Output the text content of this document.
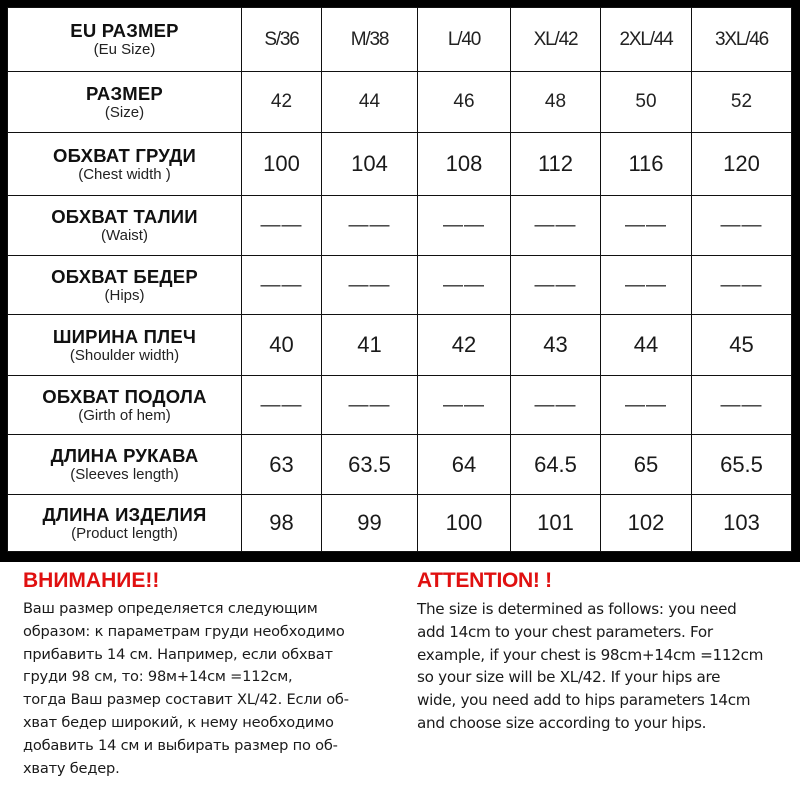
EU РАЗМЕР
(Eu Size)	S/36	M/38	L/40	XL/42	2XL/44	3XL/46

РАЗМЕР
(Size)	42	44	46	48	50	52

ОБХВАТ ГРУДИ
(Chest width )	100	104	108	112	116	120

ОБХВАТ ТАЛИИ
(Waist)	——	——	——	——	——	——

ОБХВАТ БЕДЕР
(Hips)	——	——	——	——	——	——

ШИРИНА ПЛЕЧ
(Shoulder width)	40	41	42	43	44	45

ОБХВАТ ПОДОЛА
(Girth of hem)	——	——	——	——	——	——

ДЛИНА РУКАВА
(Sleeves length)	63	63.5	64	64.5	65	65.5

ДЛИНА ИЗДЕЛИЯ
(Product length)	98	99	100	101	102	103
ВНИМАНИЕ!!
Ваш размер определяется следующим
образом: к параметрам груди необходимо
прибавить 14 см. Например, если обхват
груди 98 см, то: 98м+14см =112см,
тогда Ваш размер составит XL/42. Если об-
хват бедер широкий, к нему необходимо
добавить 14 см и выбирать размер по об-
хвату бедер.
ATTENTION! !
The size is determined as follows: you need
add 14cm to your chest parameters. For
example, if your chest is 98cm+14cm =112cm
so your size will be XL/42. If your hips are
wide, you need add to hips parameters 14cm
and choose size according to your hips.
